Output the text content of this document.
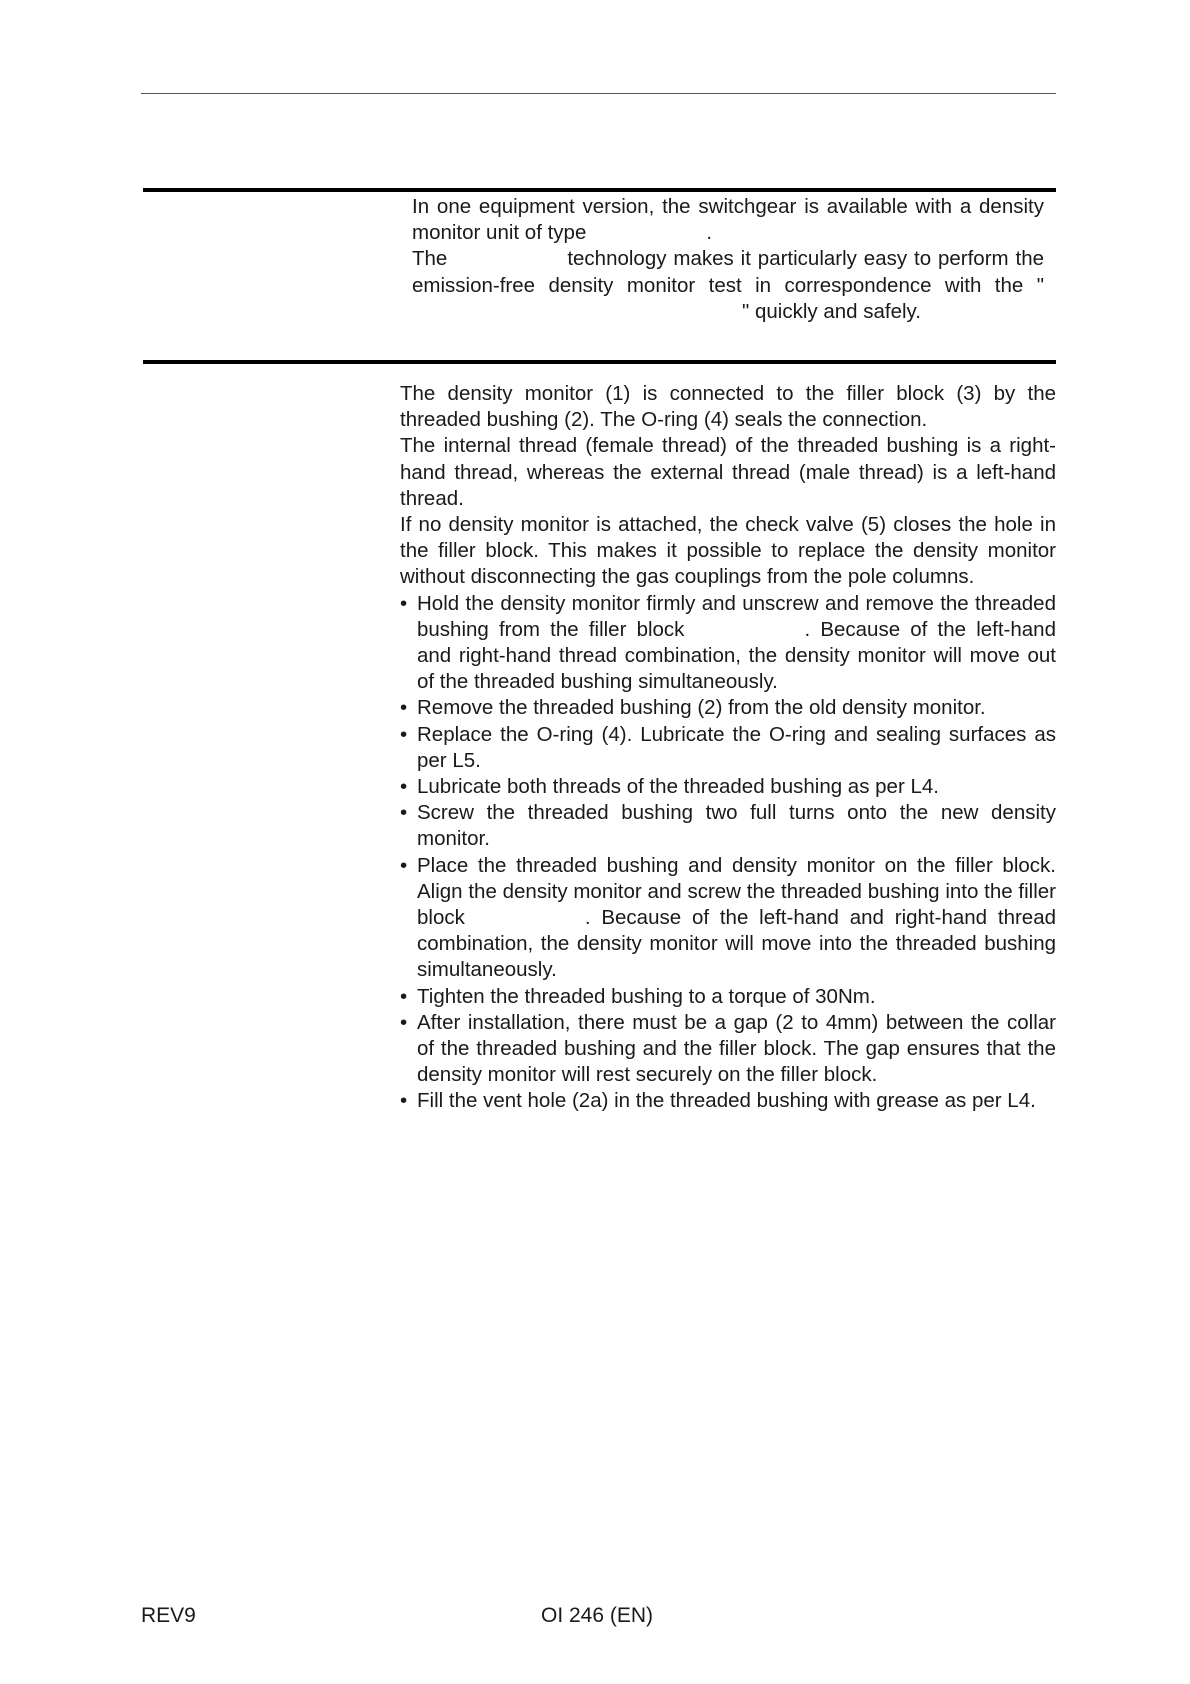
In one equipment version, the switchgear is available with a density monitor unit of type	.

The	technology makes it particularly easy to perform the emission-free density monitor test in correspondence with the "" quickly and safely.

The density monitor (1) is connected to the filler block (3) by the threaded bushing (2). The O-ring (4) seals the connection.

The internal thread (female thread) of the threaded bushing is a right-hand thread, whereas the external thread (male thread) is a left-hand thread.

If no density monitor is attached, the check valve (5) closes the hole in the filler block. This makes it possible to replace the density monitor without disconnecting the gas couplings from the pole columns.

• Hold the density monitor firmly and unscrew and remove the threaded bushing from the filler block	. Because of the left-hand and right-hand thread combination, the density monitor will move out of the threaded bushing simultaneously.
• Remove the threaded bushing (2) from the old density monitor.
• Replace the O-ring (4). Lubricate the O-ring and sealing surfaces as per L5.
• Lubricate both threads of the threaded bushing as per L4.
• Screw the threaded bushing two full turns onto the new density monitor.
• Place the threaded bushing and density monitor on the filler block. Align the density monitor and screw the threaded bushing into the filler block	. Because of the left-hand and right-hand thread combination, the density monitor will move into the threaded bushing simultaneously.
• Tighten the threaded bushing to a torque of 30Nm.
• After installation, there must be a gap (2 to 4mm) between the collar of the threaded bushing and the filler block. The gap ensures that the density monitor will rest securely on the filler block.
• Fill the vent hole (2a) in the threaded bushing with grease as per L4.
REV9	OI 246 (EN)
